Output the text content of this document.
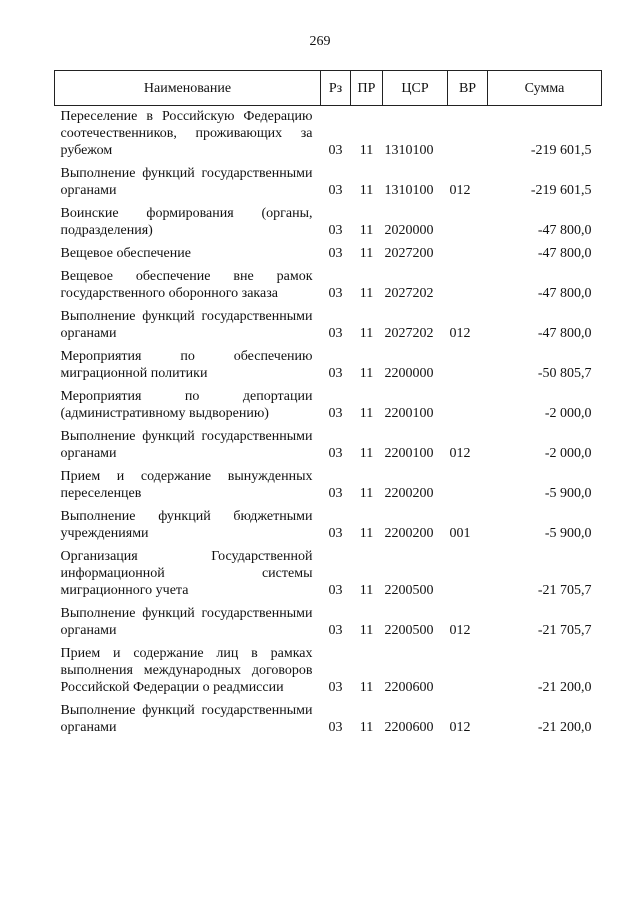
269
Наименование	Рз	ПР	ЦСР	ВР	Сумма
Переселение в Российскую Федерацию соотечественников, проживающих за рубежом	03	11	1310100		-219 601,5
Выполнение функций государственными органами	03	11	1310100	012	-219 601,5
Воинские формирования (органы, подразделения)	03	11	2020000		-47 800,0
Вещевое обеспечение	03	11	2027200		-47 800,0
Вещевое обеспечение вне рамок государственного оборонного заказа	03	11	2027202		-47 800,0
Выполнение функций государственными органами	03	11	2027202	012	-47 800,0
Мероприятия по обеспечению миграционной политики	03	11	2200000		-50 805,7
Мероприятия по депортации (административному выдворению)	03	11	2200100		-2 000,0
Выполнение функций государственными органами	03	11	2200100	012	-2 000,0
Прием и содержание вынужденных переселенцев	03	11	2200200		-5 900,0
Выполнение функций бюджетными учреждениями	03	11	2200200	001	-5 900,0
Организация Государственной информационной системы миграционного учета	03	11	2200500		-21 705,7
Выполнение функций государственными органами	03	11	2200500	012	-21 705,7
Прием и содержание лиц в рамках выполнения международных договоров Российской Федерации о реадмиссии	03	11	2200600		-21 200,0
Выполнение функций государственными органами	03	11	2200600	012	-21 200,0
